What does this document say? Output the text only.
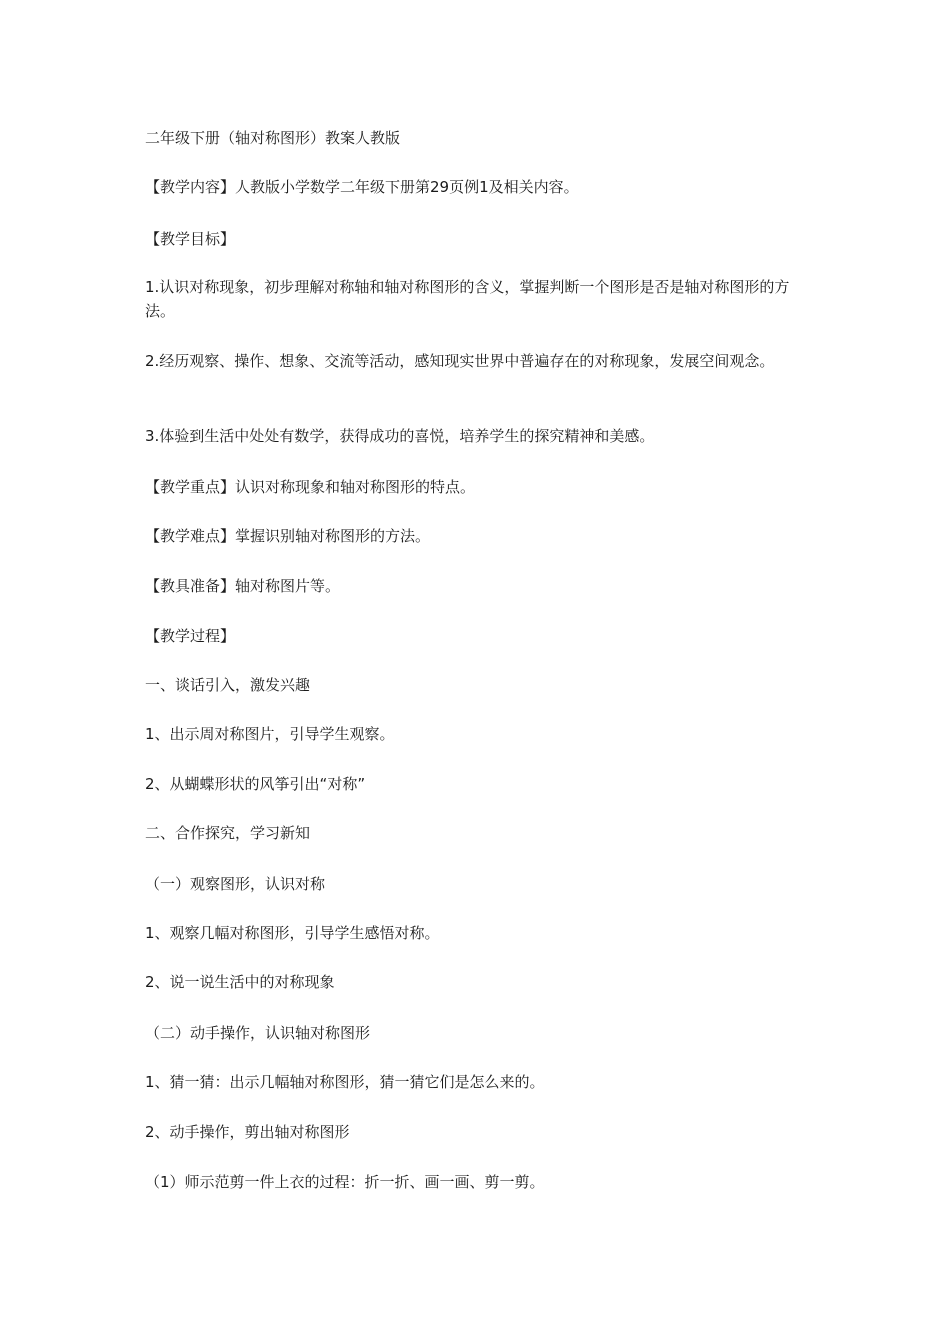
二年级下册（轴对称图形）教案人教版

【教学内容】人教版小学数学二年级下册第29页例1及相关内容。

【教学目标】

1.认识对称现象，初步理解对称轴和轴对称图形的含义，掌握判断一个图形是否是轴对称图形的方法。

2.经历观察、操作、想象、交流等活动，感知现实世界中普遍存在的对称现象，发展空间观念。

3.体验到生活中处处有数学，获得成功的喜悦，培养学生的探究精神和美感。

【教学重点】认识对称现象和轴对称图形的特点。

【教学难点】掌握识别轴对称图形的方法。

【教具准备】轴对称图片等。

【教学过程】

一、谈话引入，激发兴趣

1、出示周对称图片，引导学生观察。

2、从蝴蝶形状的风筝引出“对称”

二、合作探究，学习新知

（一）观察图形，认识对称

1、观察几幅对称图形，引导学生感悟对称。

2、说一说生活中的对称现象

（二）动手操作，认识轴对称图形

1、猜一猜：出示几幅轴对称图形，猜一猜它们是怎么来的。

2、动手操作，剪出轴对称图形

（1）师示范剪一件上衣的过程：折一折、画一画、剪一剪。
